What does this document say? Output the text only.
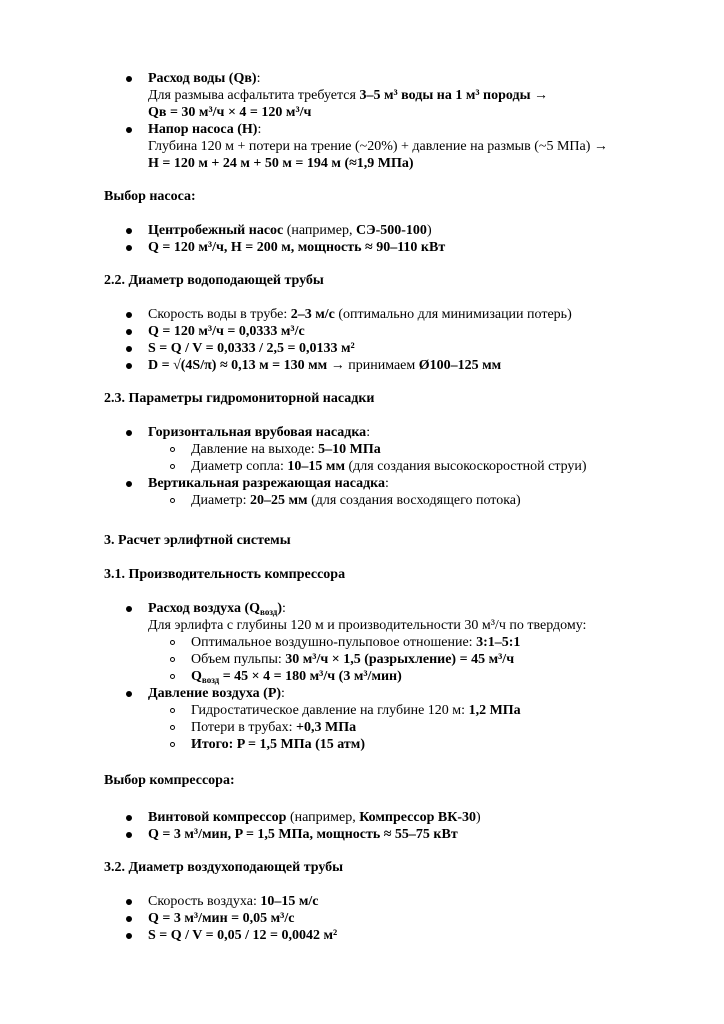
Расход воды (Qв):
Для размыва асфальтита требуется 3–5 м³ воды на 1 м³ породы →
Qв = 30 м³/ч × 4 = 120 м³/ч
Напор насоса (H):
Глубина 120 м + потери на трение (~20%) + давление на размыв (~5 МПа) →
H = 120 м + 24 м + 50 м = 194 м (≈1,9 МПа)
Выбор насоса:
Центробежный насос (например, СЭ-500-100)
Q = 120 м³/ч, H = 200 м, мощность ≈ 90–110 кВт
2.2. Диаметр водоподающей трубы
Скорость воды в трубе: 2–3 м/с (оптимально для минимизации потерь)
Q = 120 м³/ч = 0,0333 м³/с
S = Q / V = 0,0333 / 2,5 = 0,0133 м²
D = √(4S/π) ≈ 0,13 м = 130 мм → принимаем Ø100–125 мм
2.3. Параметры гидромониторной насадки
Горизонтальная врубовая насадка:
Давление на выходе: 5–10 МПа
Диаметр сопла: 10–15 мм (для создания высокоскоростной струи)
Вертикальная разрежающая насадка:
Диаметр: 20–25 мм (для создания восходящего потока)
3. Расчет эрлифтной системы
3.1. Производительность компрессора
Расход воздуха $(Q_{возд})$:
Для эрлифта с глубины 120 м и производительности 30 м³/ч по твердому:
Оптимальное воздушно-пульповое отношение: 3:1–5:1
Объем пульпы: 30 м³/ч × 1,5 (разрыхление) = 45 м³/ч
$Q_{возд} = 45 \times 4 = 180$ м³/ч (3 м³/мин)
Давление воздуха (P):
Гидростатическое давление на глубине 120 м: 1,2 МПа
Потери в трубах: +0,3 МПа
Итого: P = 1,5 МПа (15 атм)
Выбор компрессора:
Винтовой компрессор (например, Компрессор ВК-30)
Q = 3 м³/мин, P = 1,5 МПа, мощность ≈ 55–75 кВт
3.2. Диаметр воздухоподающей трубы
Скорость воздуха: 10–15 м/с
Q = 3 м³/мин = 0,05 м³/с
S = Q / V = 0,05 / 12 = 0,0042 м²
